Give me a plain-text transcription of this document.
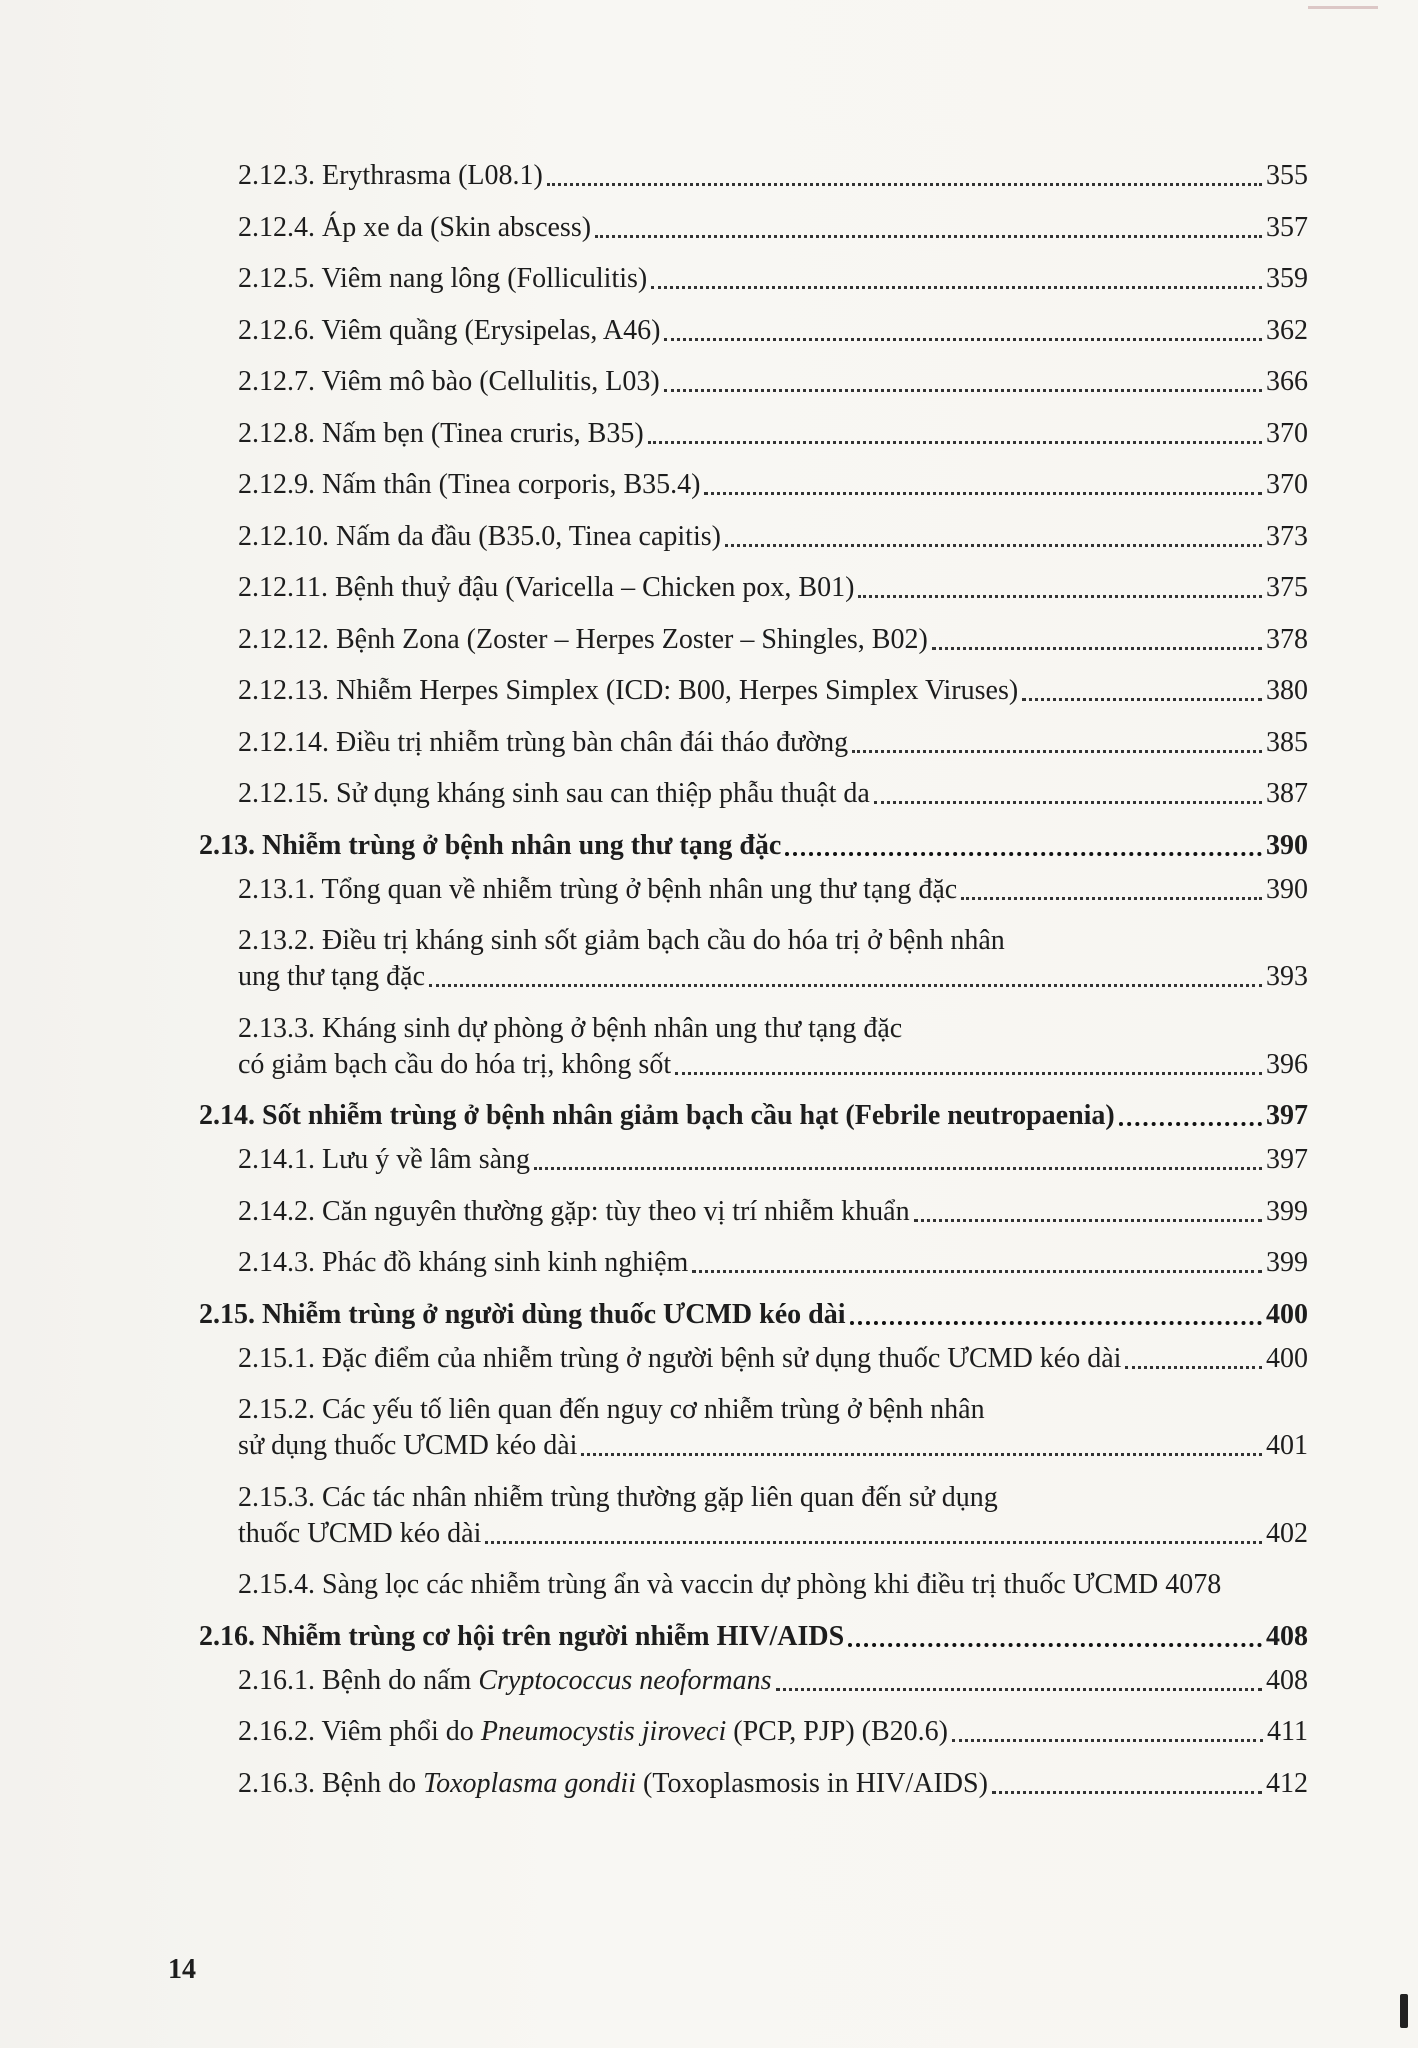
2.12.3. Erythrasma (L08.1)	355
2.12.4. Áp xe da (Skin abscess)	357
2.12.5. Viêm nang lông (Folliculitis)	359
2.12.6. Viêm quầng (Erysipelas, A46)	362
2.12.7. Viêm mô bào (Cellulitis, L03)	366
2.12.8. Nấm bẹn (Tinea cruris, B35)	370
2.12.9. Nấm thân (Tinea corporis, B35.4)	370
2.12.10. Nấm da đầu (B35.0, Tinea capitis)	373
2.12.11. Bệnh thuỷ đậu (Varicella – Chicken pox, B01)	375
2.12.12. Bệnh Zona (Zoster – Herpes Zoster – Shingles, B02)	378
2.12.13. Nhiễm Herpes Simplex (ICD: B00, Herpes Simplex Viruses)	380
2.12.14. Điều trị nhiễm trùng bàn chân đái tháo đường	385
2.12.15. Sử dụng kháng sinh sau can thiệp phẫu thuật da	387
2.13. Nhiễm trùng ở bệnh nhân ung thư tạng đặc	390
2.13.1. Tổng quan về nhiễm trùng ở bệnh nhân ung thư tạng đặc	390
2.13.2. Điều trị kháng sinh sốt giảm bạch cầu do hóa trị ở bệnh nhân
ung thư tạng đặc	393
2.13.3. Kháng sinh dự phòng ở bệnh nhân ung thư tạng đặc
có giảm bạch cầu do hóa trị, không sốt	396
2.14. Sốt nhiễm trùng ở bệnh nhân giảm bạch cầu hạt (Febrile neutropaenia)	397
2.14.1. Lưu ý về lâm sàng	397
2.14.2. Căn nguyên thường gặp: tùy theo vị trí nhiễm khuẩn	399
2.14.3. Phác đồ kháng sinh kinh nghiệm	399
2.15. Nhiễm trùng ở người dùng thuốc ƯCMD kéo dài	400
2.15.1. Đặc điểm của nhiễm trùng ở người bệnh sử dụng thuốc ƯCMD kéo dài	400
2.15.2. Các yếu tố liên quan đến nguy cơ nhiễm trùng ở bệnh nhân
sử dụng thuốc ƯCMD kéo dài	401
2.15.3. Các tác nhân nhiễm trùng thường gặp liên quan đến sử dụng
thuốc ƯCMD kéo dài	402
2.15.4. Sàng lọc các nhiễm trùng ẩn và vaccin dự phòng khi điều trị thuốc ƯCMD 4078
2.16. Nhiễm trùng cơ hội trên người nhiễm HIV/AIDS	408
2.16.1. Bệnh do nấm Cryptococcus neoformans	408
2.16.2. Viêm phổi do Pneumocystis jiroveci (PCP, PJP) (B20.6)	411
2.16.3. Bệnh do Toxoplasma gondii (Toxoplasmosis in HIV/AIDS)	412
14
